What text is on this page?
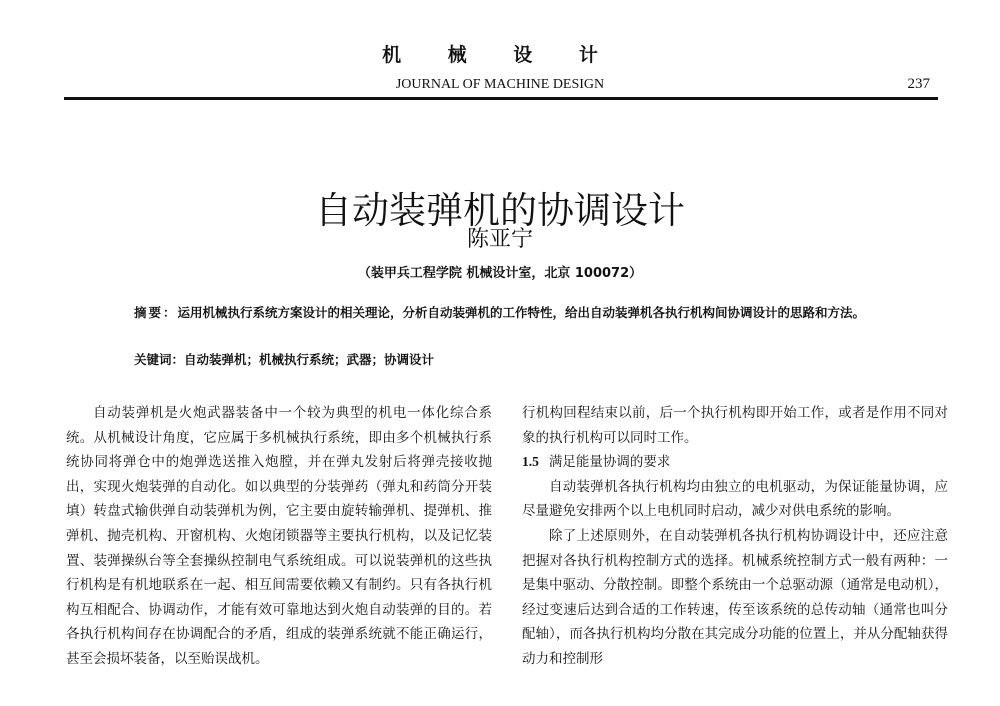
机 械 设 计
JOURNAL OF MACHINE DESIGN	237
自动装弹机的协调设计
陈亚宁
（装甲兵工程学院 机械设计室，北京 100072）
摘要：运用机械执行系统方案设计的相关理论，分析自动装弹机的工作特性，给出自动装弹机各执行机构间协调设计的思路和方法。
关键词：自动装弹机；机械执行系统；武器；协调设计

自动装弹机是火炮武器装备中一个较为典型的机电一体化综合系统。从机械设计角度，它应属于多机械执行系统，即由多个机械执行系统协同将弹仓中的炮弹选送推入炮膛，并在弹丸发射后将弹壳接收抛出，实现火炮装弹的自动化。如以典型的分装弹药（弹丸和药筒分开装填）转盘式输供弹自动装弹机为例，它主要由旋转输弹机、提弹机、推弹机、抛壳机构、开窗机构、火炮闭锁器等主要执行机构，以及记忆装置、装弹操纵台等全套操纵控制电气系统组成。可以说装弹机的这些执行机构是有机地联系在一起、相互间需要依赖又有制约。只有各执行机构互相配合、协调动作，才能有效可靠地达到火炮自动装弹的目的。若各执行机构间存在协调配合的矛盾，组成的装弹系统就不能正确运行，甚至会损坏装备，以至贻误战机。

行机构回程结束以前，后一个执行机构即开始工作，或者是作用不同对象的执行机构可以同时工作。

1.5 满足能量协调的要求

自动装弹机各执行机构均由独立的电机驱动，为保证能量协调，应尽量避免安排两个以上电机同时启动，减少对供电系统的影响。

除了上述原则外，在自动装弹机各执行机构协调设计中，还应注意把握对各执行机构控制方式的选择。机械系统控制方式一般有两种：一是集中驱动、分散控制。即整个系统由一个总驱动源（通常是电动机），经过变速后达到合适的工作转速，传至该系统的总传动轴（通常也叫分配轴），而各执行机构均分散在其完成分功能的位置上，并从分配轴获得动力和控制形
